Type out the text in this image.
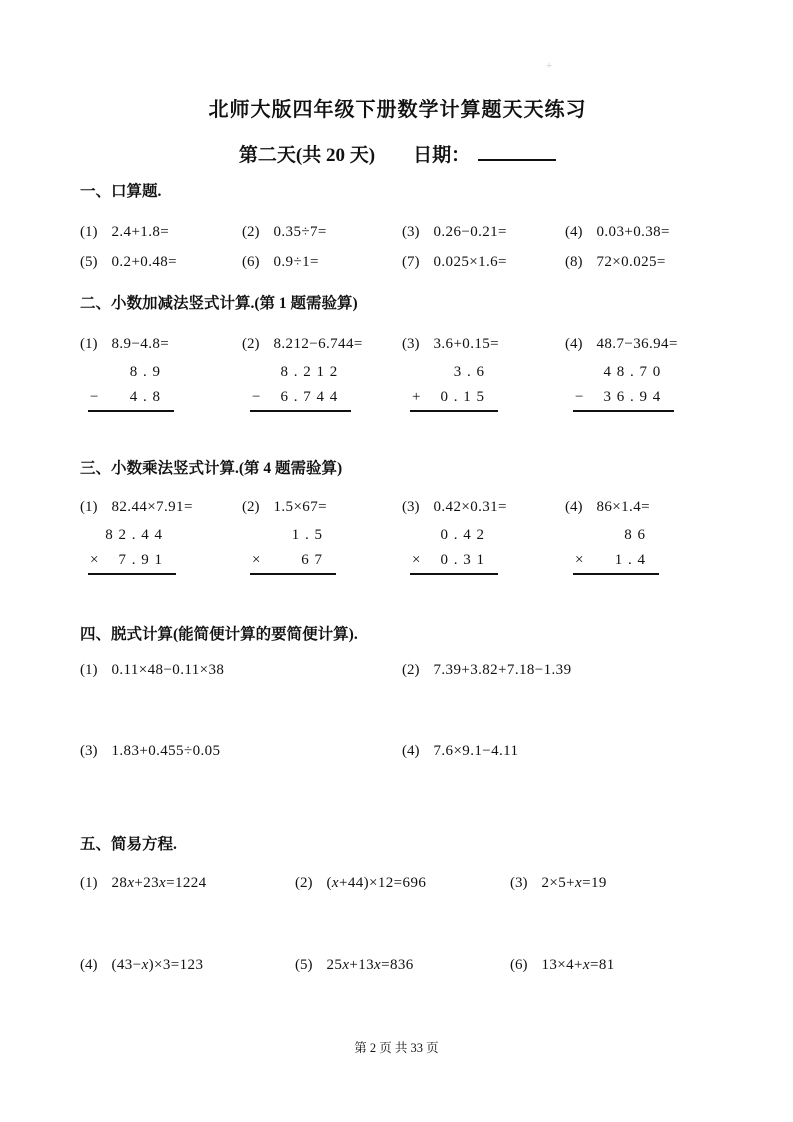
+
北师大版四年级下册数学计算题天天练习
第二天(共 20 天) 日期：
一、口算题.
(1) 2.4+1.8=	(2) 0.35÷7=	(3) 0.26−0.21=	(4) 0.03+0.38=
(5) 0.2+0.48=	(6) 0.9÷1=	(7) 0.025×1.6=	(8) 72×0.025=
二、小数加减法竖式计算.(第 1 题需验算)
(1) 8.9−4.8=
8 . 9
− 4 . 8
(2) 8.212−6.744=
8 . 2 1 2
− 6 . 7 4 4
(3) 3.6+0.15=
3 . 6
+ 0 . 1 5
(4) 48.7−36.94=
4 8 . 7 0
− 3 6 . 9 4
三、小数乘法竖式计算.(第 4 题需验算)
(1) 82.44×7.91=
8 2 . 4 4
× 7 . 9 1
(2) 1.5×67=
1 . 5
×	6 7
(3) 0.42×0.31=
0 . 4 2
× 0 . 3 1
(4) 86×1.4=
8 6
× 1 . 4
四、脱式计算(能简便计算的要简便计算).
(1) 0.11×48−0.11×38	(2) 7.39+3.82+7.18−1.39
(3) 1.83+0.455÷0.05	(4) 7.6×9.1−4.11
五、简易方程.
(1) 28x+23x=1224	(2) (x+44)×12=696	(3) 2×5+x=19
(4) (43−x)×3=123	(5) 25x+13x=836	(6) 13×4+x=81
第 2 页 共 33 页
